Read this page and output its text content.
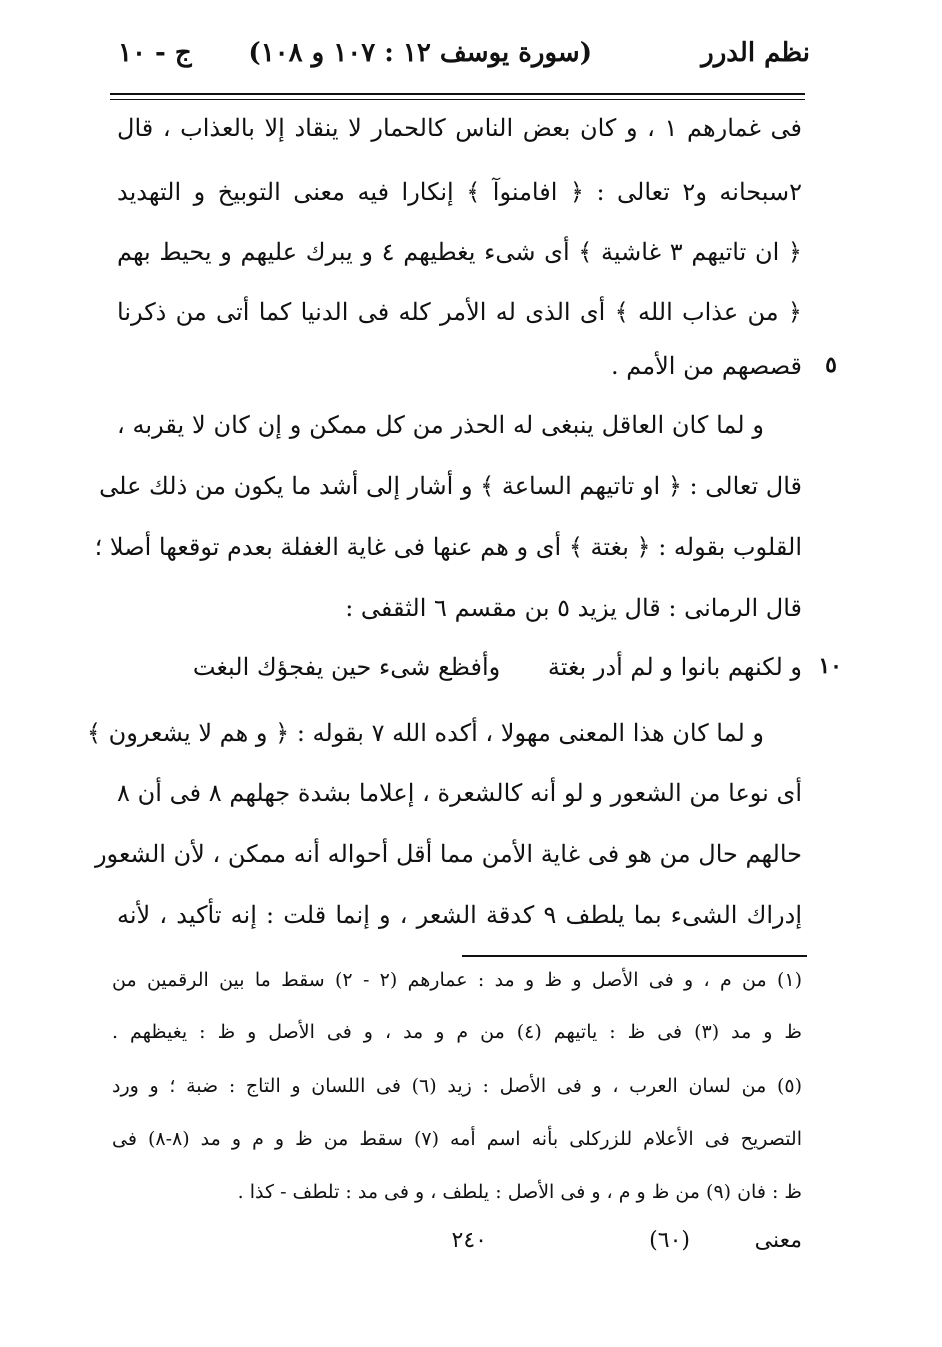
نظم الدرر
(سورة يوسف ١٢ : ١٠٧ و ١٠٨)
ج - ١٠
فى غمارهم ١ ، و كان بعض الناس كالحمار لا ينقاد إلا بالعذاب ، قال
٢سبحانه و٢ تعالى : ﴿ افامنوآ ﴾ إنكارا فيه معنى التوبيخ و التهديد
﴿ ان تاتيهم ٣ غاشية ﴾ أى شىء يغطيهم ٤ و يبرك عليهم و يحيط بهم
﴿ من عذاب الله ﴾ أى الذى له الأمر كله فى الدنيا كما أتى من ذكرنا
قصصهم من الأمم . ٥
و لما كان العاقل ينبغى له الحذر من كل ممكن و إن كان لا يقربه ،
قال تعالى : ﴿ او تاتيهم الساعة ﴾ و أشار إلى أشد ما يكون من ذلك على
القلوب بقوله : ﴿ بغتة ﴾ أى و هم عنها فى غاية الغفلة بعدم توقعها أصلا ؛
قال الرمانى : قال يزيد ٥ بن مقسم ٦ الثقفى :
و لكنهم بانوا و لم أدر بغتة وأفظع شىء حين يفجؤك البغت	١٠
و لما كان هذا المعنى مهولا ، أكده الله ٧ بقوله : ﴿ و هم لا يشعرون ﴾
أى نوعا من الشعور و لو أنه كالشعرة ، إعلاما بشدة جهلهم ٨ فى أن ٨
حالهم حال من هو فى غاية الأمن مما أقل أحواله أنه ممكن ، لأن الشعور
إدراك الشىء بما يلطف ٩ كدقة الشعر ، و إنما قلت : إنه تأكيد ، لأنه
(١) من م ، و فى الأصل و ظ و مد : عمارهم (٢ - ٢) سقط ما بين الرقمين من
ظ و مد (٣) فى ظ : ياتيهم (٤) من م و مد ، و فى الأصل و ظ : يغيظهم .
(٥) من لسان العرب ، و فى الأصل : زيد (٦) فى اللسان و التاج : ضبة ؛ و ورد
التصريح فى الأعلام للزركلى بأنه اسم أمه (٧) سقط من ظ و م و مد (٨-٨) فى
ظ : فان (٩) من ظ و م ، و فى الأصل : يلطف ، و فى مد : تلطف - كذا .
معنى
(٦٠)
٢٤٠
